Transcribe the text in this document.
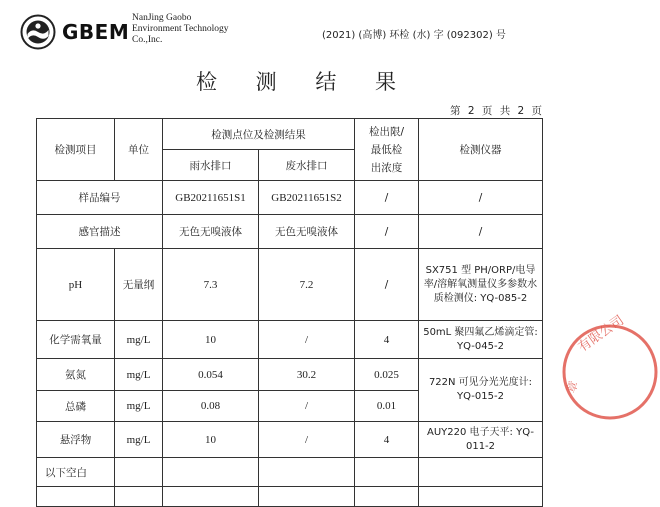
GBEM
NanJing Gaobo
Environment Technology
Co.,Inc.	(2021) (高博) 环检 (水) 字 (092302) 号
检 测 结 果
第 2 页 共 2 页
检测项目	单位	检测点位及检测结果		检出限/
最低检
出浓度	检测仪器
		雨水排口	废水排口		
样品编号		GB20211651S1	GB20211651S2	/	/
感官描述		无色无嗅液体	无色无嗅液体	/	/
pH	无量纲	7.3	7.2	/	SX751 型 PH/ORP/电导率/溶解氧测量仪多参数水质检测仪: YQ-085-2
化学需氧量	mg/L	10	/	4	50mL 聚四氟乙烯滴定管: YQ-045-2
氨氮	mg/L	0.054	30.2	0.025	722N 可见分光光度计: YQ-015-2
总磷	mg/L	0.08	/	0.01	
悬浮物	mg/L	10	/	4	AUY220 电子天平: YQ-011-2
以下空白					

有限公司
章
